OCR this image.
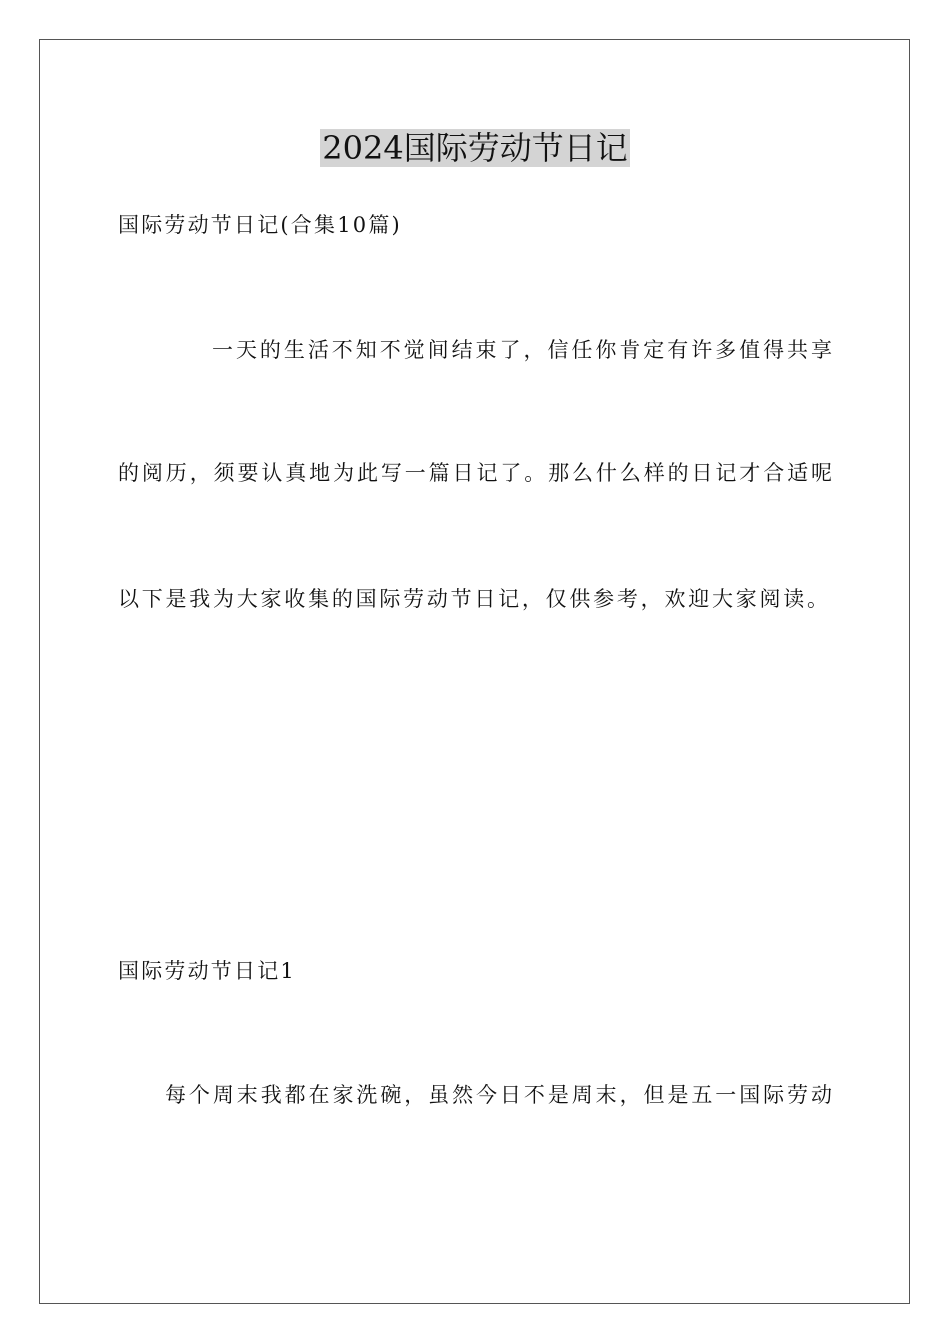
2024国际劳动节日记

国际劳动节日记(合集10篇)

一天的生活不知不觉间结束了，信任你肯定有许多值得共享

的阅历，须要认真地为此写一篇日记了。那么什么样的日记才合适呢

以下是我为大家收集的国际劳动节日记，仅供参考，欢迎大家阅读。

国际劳动节日记1

每个周末我都在家洗碗，虽然今日不是周末，但是五一国际劳动
